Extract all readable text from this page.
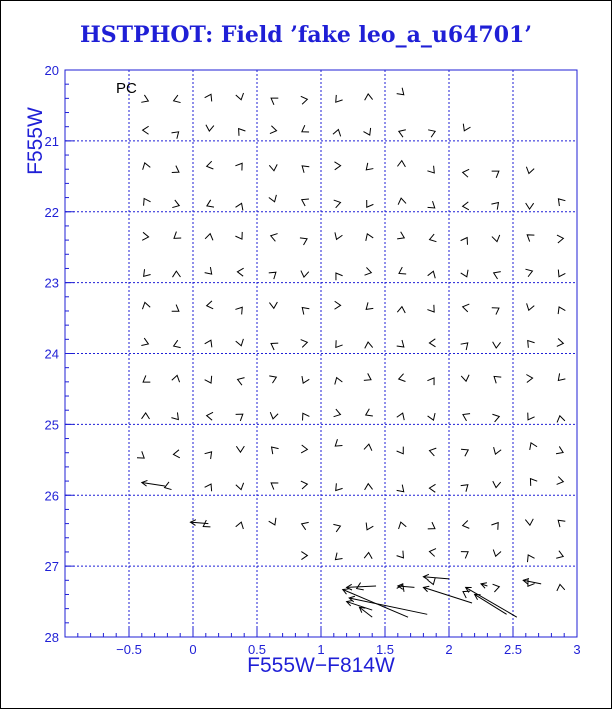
HSTPHOT: Field ’fake leo_a_u64701’
−0.5	0	0.5	1	1.5	2	2.5	3
20
21
22
23
24
25
26
27
28
PC
F555W−F814W
F555W
